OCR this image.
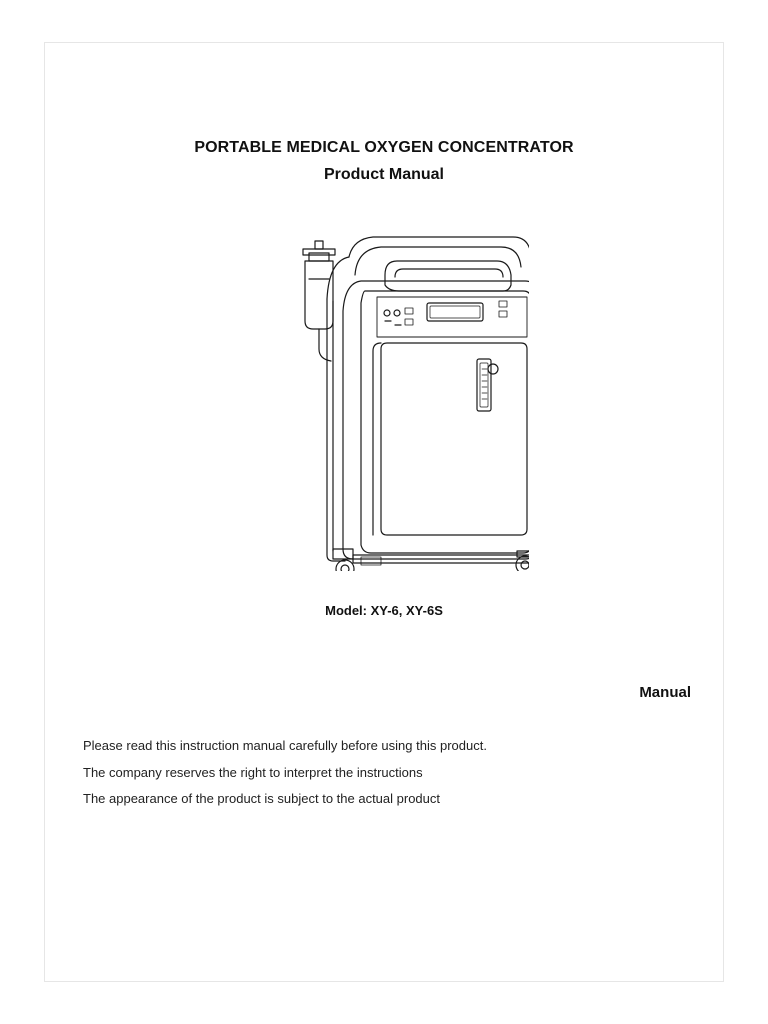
PORTABLE MEDICAL OXYGEN CONCENTRATOR
Product Manual
Model: XY-6, XY-6S
Manual
Please read this instruction manual carefully before using this product.
The company reserves the right to interpret the instructions
The appearance of the product is subject to the actual product
